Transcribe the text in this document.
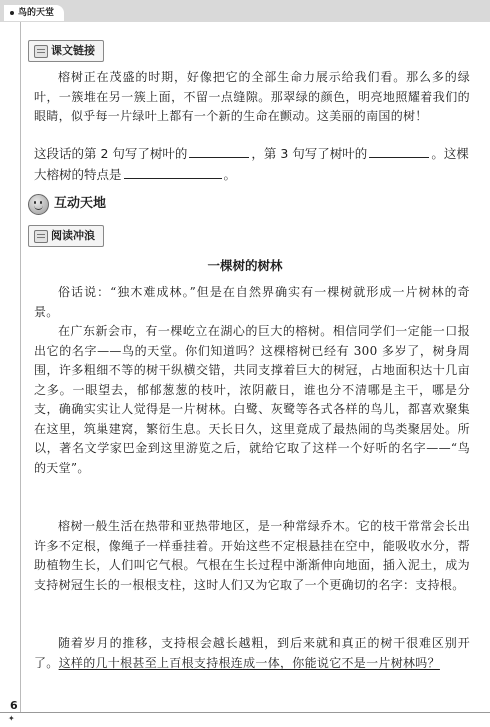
鸟的天堂
课文链接

榕树正在茂盛的时期，好像把它的全部生命力展示给我们看。那么多的绿叶，一簇堆在另一簇上面，不留一点缝隙。那翠绿的颜色，明亮地照耀着我们的眼睛，似乎每一片绿叶上都有一个新的生命在颤动。这美丽的南国的树！

这段话的第 2 句写了树叶的	，第 3 句写了树叶的	。这棵大榕树的特点是	。

互动天地
阅读冲浪
一棵树的树林

俗话说：“独木难成林。”但是在自然界确实有一棵树就形成一片树林的奇景。

在广东新会市，有一棵屹立在湖心的巨大的榕树。相信同学们一定能一口报出它的名字——鸟的天堂。你们知道吗？这棵榕树已经有 300 多岁了，树身周围，许多粗细不等的树干纵横交错，共同支撑着巨大的树冠，占地面积达十几亩之多。一眼望去，郁郁葱葱的枝叶，浓阴蔽日，谁也分不清哪是主干，哪是分支，确确实实让人觉得是一片树林。白鹭、灰鹭等各式各样的鸟儿，都喜欢聚集在这里，筑巢建窝，繁衍生息。天长日久，这里竟成了最热闹的鸟类聚居处。所以，著名文学家巴金到这里游览之后，就给它取了这样一个好听的名字——“鸟的天堂”。

榕树一般生活在热带和亚热带地区，是一种常绿乔木。它的枝干常常会长出许多不定根，像绳子一样垂挂着。开始这些不定根悬挂在空中，能吸收水分，帮助植物生长，人们叫它气根。气根在生长过程中渐渐伸向地面，插入泥土，成为支持树冠生长的一根根支柱，这时人们又为它取了一个更确切的名字：支持根。

随着岁月的推移，支持根会越长越粗，到后来就和真正的树干很难区别开了。这样的几十根甚至上百根支持根连成一体，你能说它不是一片树林吗？

6
✦
